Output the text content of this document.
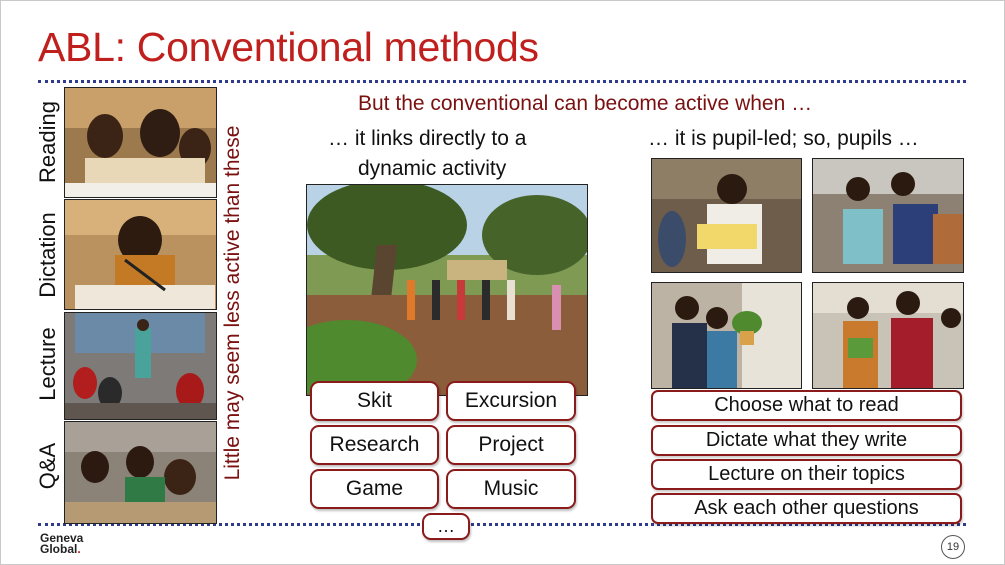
ABL: Conventional methods
Reading
Dictation
Lecture
Q&A	Little may seem less active than these
But the conventional can become active when …
… it links directly to a
dynamic activity
Skit	Excursion
Research	Project
Game	Music
…
… it is pupil-led; so, pupils …
Choose what to read
Dictate what they write
Lecture on their topics
Ask each other questions
Geneva
Global.	19
